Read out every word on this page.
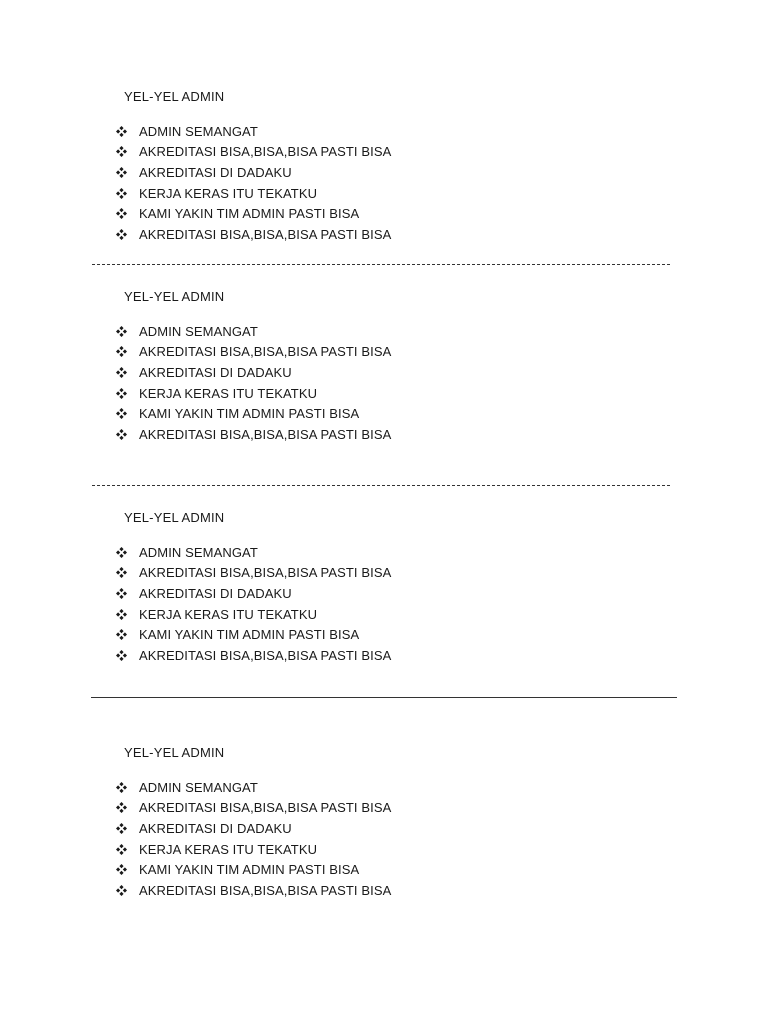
YEL-YEL ADMIN
ADMIN SEMANGAT
AKREDITASI BISA,BISA,BISA PASTI BISA
AKREDITASI DI DADAKU
KERJA KERAS ITU TEKATKU
KAMI YAKIN TIM ADMIN PASTI BISA
AKREDITASI BISA,BISA,BISA PASTI BISA
YEL-YEL ADMIN
ADMIN SEMANGAT
AKREDITASI BISA,BISA,BISA PASTI BISA
AKREDITASI DI DADAKU
KERJA KERAS ITU TEKATKU
KAMI YAKIN TIM ADMIN PASTI BISA
AKREDITASI BISA,BISA,BISA PASTI BISA
YEL-YEL ADMIN
ADMIN SEMANGAT
AKREDITASI BISA,BISA,BISA PASTI BISA
AKREDITASI DI DADAKU
KERJA KERAS ITU TEKATKU
KAMI YAKIN TIM ADMIN PASTI BISA
AKREDITASI BISA,BISA,BISA PASTI BISA
YEL-YEL ADMIN
ADMIN SEMANGAT
AKREDITASI BISA,BISA,BISA PASTI BISA
AKREDITASI DI DADAKU
KERJA KERAS ITU TEKATKU
KAMI YAKIN TIM ADMIN PASTI BISA
AKREDITASI BISA,BISA,BISA PASTI BISA
